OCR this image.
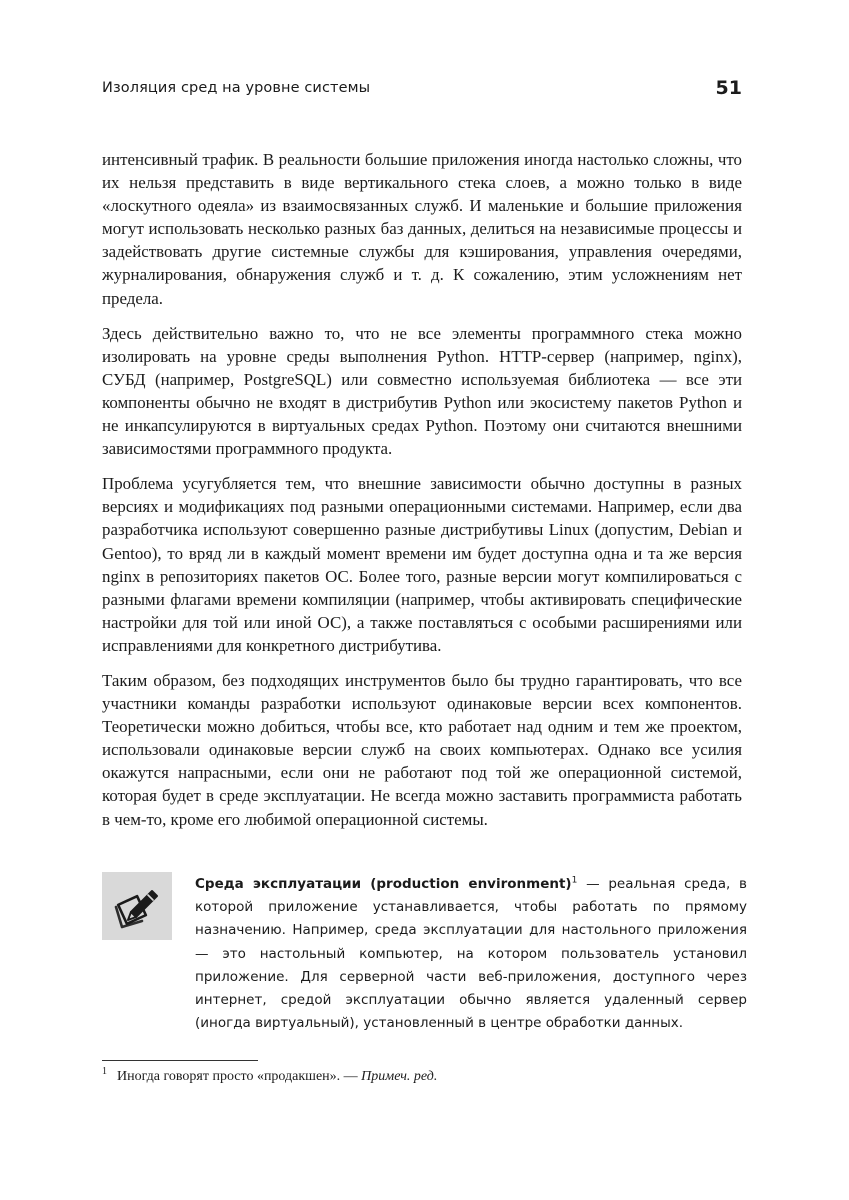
Изоляция сред на уровне системы	51

интенсивный трафик. В реальности большие приложения иногда настолько сложны, что их нельзя представить в виде вертикального стека слоев, а можно только в виде «лоскутного одеяла» из взаимосвязанных служб. И маленькие и большие приложения могут использовать несколько разных баз данных, делиться на независимые процессы и задействовать другие системные службы для кэширования, управления очередями, журналирования, обнаружения служб и т. д. К сожалению, этим усложнениям нет предела.

Здесь действительно важно то, что не все элементы программного стека можно изолировать на уровне среды выполнения Python. HTTP-сервер (например, nginx), СУБД (например, PostgreSQL) или совместно используемая библиотека — все эти компоненты обычно не входят в дистрибутив Python или экосистему пакетов Python и не инкапсулируются в виртуальных средах Python. Поэтому они считаются внешними зависимостями программного продукта.

Проблема усугубляется тем, что внешние зависимости обычно доступны в разных версиях и модификациях под разными операционными системами. Например, если два разработчика используют совершенно разные дистрибутивы Linux (допустим, Debian и Gentoo), то вряд ли в каждый момент времени им будет доступна одна и та же версия nginx в репозиториях пакетов ОС. Более того, разные версии могут компилироваться с разными флагами времени компиляции (например, чтобы активировать специфические настройки для той или иной ОС), а также поставляться с особыми расширениями или исправлениями для конкретного дистрибутива.

Таким образом, без подходящих инструментов было бы трудно гарантировать, что все участники команды разработки используют одинаковые версии всех компонентов. Теоретически можно добиться, чтобы все, кто работает над одним и тем же проектом, использовали одинаковые версии служб на своих компьютерах. Однако все усилия окажутся напрасными, если они не работают под той же операционной системой, которая будет в среде эксплуатации. Не всегда можно заставить программиста работать в чем-то, кроме его любимой операционной системы.

Среда эксплуатации (production environment)$^1$ — реальная среда, в которой приложение устанавливается, чтобы работать по прямому назначению. Например, среда эксплуатации для настольного приложения — это настольный компьютер, на котором пользователь установил приложение. Для серверной части веб-приложения, доступного через интернет, средой эксплуатации обычно является удаленный сервер (иногда виртуальный), установленный в центре обработки данных.
$^1$ Иногда говорят просто «продакшен». — Примеч. ред.
